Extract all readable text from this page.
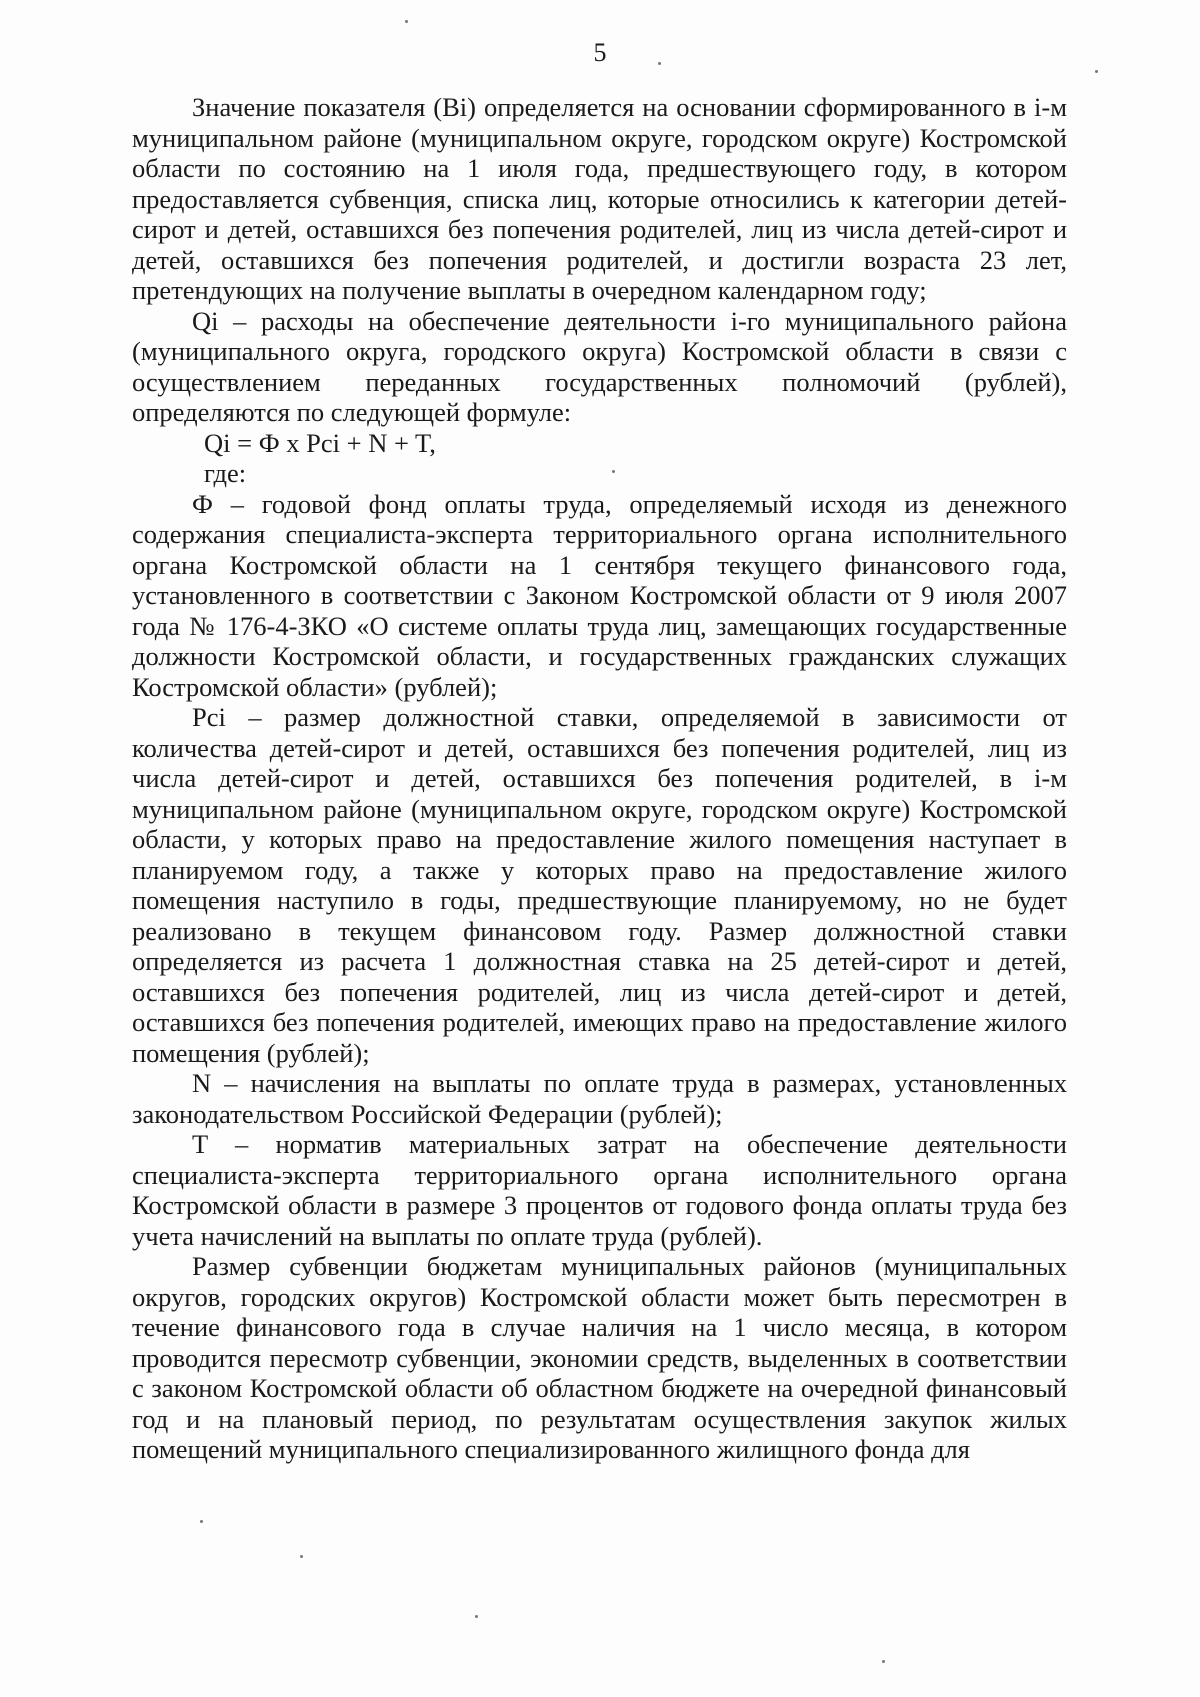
5

Значение показателя (Bi) определяется на основании сформированного в i-м муниципальном районе (муниципальном округе, городском округе) Костромской области по состоянию на 1 июля года, предшествующего году, в котором предоставляется субвенция, списка лиц, которые относились к категории детей-сирот и детей, оставшихся без попечения родителей, лиц из числа детей-сирот и детей, оставшихся без попечения родителей, и достигли возраста 23 лет, претендующих на получение выплаты в очередном календарном году;

Qi – расходы на обеспечение деятельности i-го муниципального района (муниципального округа, городского округа) Костромской области в связи с осуществлением переданных государственных полномочий (рублей), определяются по следующей формуле:

Qi = Ф х Pci + N + T,

где:

Ф – годовой фонд оплаты труда, определяемый исходя из денежного содержания специалиста-эксперта территориального органа исполнительного органа Костромской области на 1 сентября текущего финансового года, установленного в соответствии с Законом Костромской области от 9 июля 2007 года № 176-4-ЗКО «О системе оплаты труда лиц, замещающих государственные должности Костромской области, и государственных гражданских служащих Костромской области» (рублей);

Pci – размер должностной ставки, определяемой в зависимости от количества детей-сирот и детей, оставшихся без попечения родителей, лиц из числа детей-сирот и детей, оставшихся без попечения родителей, в i-м муниципальном районе (муниципальном округе, городском округе) Костромской области, у которых право на предоставление жилого помещения наступает в планируемом году, а также у которых право на предоставление жилого помещения наступило в годы, предшествующие планируемому, но не будет реализовано в текущем финансовом году. Размер должностной ставки определяется из расчета 1 должностная ставка на 25 детей-сирот и детей, оставшихся без попечения родителей, лиц из числа детей-сирот и детей, оставшихся без попечения родителей, имеющих право на предоставление жилого помещения (рублей);

N – начисления на выплаты по оплате труда в размерах, установленных законодательством Российской Федерации (рублей);

T – норматив материальных затрат на обеспечение деятельности специалиста-эксперта территориального органа исполнительного органа Костромской области в размере 3 процентов от годового фонда оплаты труда без учета начислений на выплаты по оплате труда (рублей).

Размер субвенции бюджетам муниципальных районов (муниципальных округов, городских округов) Костромской области может быть пересмотрен в течение финансового года в случае наличия на 1 число месяца, в котором проводится пересмотр субвенции, экономии средств, выделенных в соответствии с законом Костромской области об областном бюджете на очередной финансовый год и на плановый период, по результатам осуществления закупок жилых помещений муниципального специализированного жилищного фонда для
